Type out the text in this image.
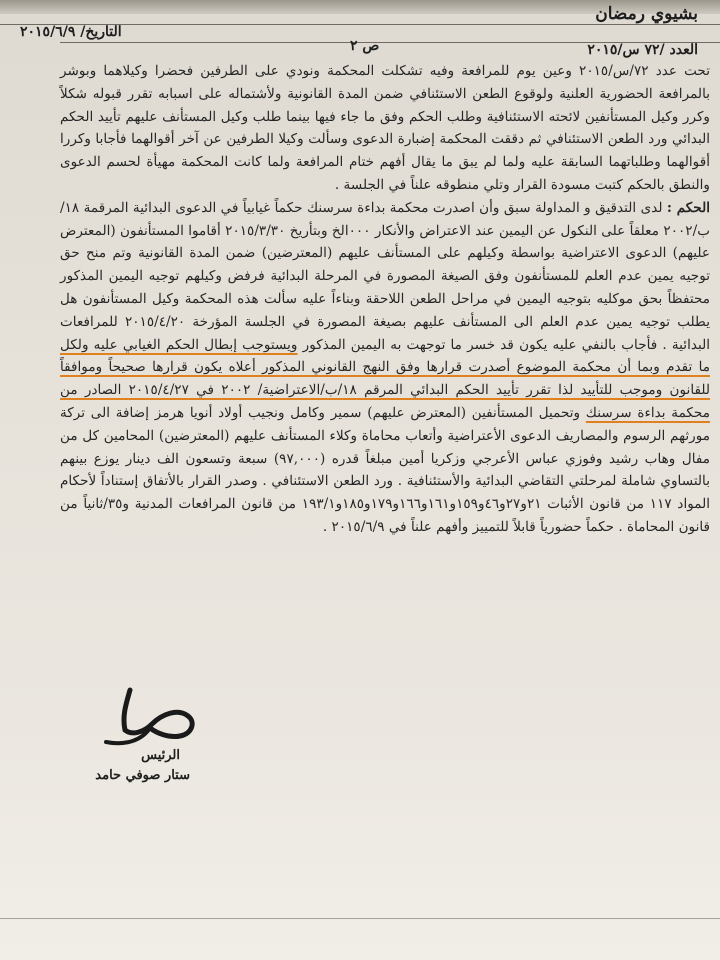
بشيوي رمضان
التاريخ/ ٢٠١٥/٦/٩
ص ٢	العدد /٧٢ س/٢٠١٥

تحت عدد ٧٢/س/٢٠١٥ وعين يوم للمرافعة وفيه تشكلت المحكمة ونودي على الطرفين فحضرا وكيلاهما وبوشر بالمرافعة الحضورية العلنية ولوقوع الطعن الاستئنافي ضمن المدة القانونية ولأشتماله على اسبابه تقرر قبوله شكلاً وكرر وكيل المستأنفين لائحته الاستئنافية وطلب الحكم وفق ما جاء فيها بينما طلب وكيل المستأنف عليهم تأييد الحكم البدائي ورد الطعن الاستئنافي ثم دققت المحكمة إضبارة الدعوى وسألت وكيلا الطرفين عن آخر أقوالهما فأجابا وكررا أقوالهما وطلباتهما السابقة عليه ولما لم يبق ما يقال أفهم ختام المرافعة ولما كانت المحكمة مهيأة لحسم الدعوى والنطق بالحكم كتبت مسودة القرار وتلي منطوقه علناً في الجلسة .

الحكم : لدى التدقيق و المداولة سبق وأن اصدرت محكمة بداءة سرسنك حكماً غيابياً في الدعوى البدائية المرقمة ١٨/ب/٢٠٠٢ معلقاً على النكول عن اليمين عند الاعتراض والأنكار ٠٠٠الخ وبتأريخ ٢٠١٥/٣/٣٠ أقاموا المستأنفون (المعترض عليهم) الدعوى الاعتراضية بواسطة وكيلهم على المستأنف عليهم (المعترضين) ضمن المدة القانونية وتم منح حق توجيه يمين عدم العلم للمستأنفون وفق الصيغة المصورة في المرحلة البدائية فرفض وكيلهم توجيه اليمين المذكور محتفظاً بحق موكليه بتوجيه اليمين في مراحل الطعن اللاحقة وبناءاً عليه سألت هذه المحكمة وكيل المستأنفون هل يطلب توجيه يمين عدم العلم الى المستأنف عليهم بصيغة المصورة في الجلسة المؤرخة ٢٠١٥/٤/٢٠ للمرافعات البدائية . فأجاب بالنفي عليه يكون قد خسر ما توجهت به اليمين المذكور ويستوجب إبطال الحكم الغيابي عليه ولكل ما تقدم وبما أن محكمة الموضوع أصدرت قرارها وفق النهج القانوني المذكور أعلاه يكون قرارها صحيحاً وموافقاً للقانون وموجب للتأييد لذا تقرر تأييد الحكم البدائي المرقم ١٨/ب/الاعتراضية/ ٢٠٠٢ في ٢٠١٥/٤/٢٧ الصادر من محكمة بداءة سرسنك وتحميل المستأنفين (المعترض عليهم) سمير وكامل ونجيب أولاد أنويا هرمز إضافة الى تركة مورثهم الرسوم والمصاريف الدعوى الأعتراضية وأتعاب محاماة وكلاء المستأنف عليهم (المعترضين) المحامين كل من مفال وهاب رشيد وفوزي عباس الأعرجي وزكريا أمين مبلغاً قدره (٩٧,٠٠٠) سبعة وتسعون الف دينار يوزع بينهم بالتساوي شاملة لمرحلتي التقاضي البدائية والأستئنافية . ورد الطعن الاستئنافي . وصدر القرار بالأتفاق إستناداً لأحكام المواد ١١٧ من قانون الأثبات ٢١و٢٧و٤٦و١٥٩و١٦١و١٦٦و١٧٩و١٨٥و١٩٣/١ من قانون المرافعات المدنية و٣٥/ثانياً من قانون المحاماة . حكماً حضورياً قابلاً للتمييز وأفهم علناً في ٢٠١٥/٦/٩ .

الرئيس
ستار صوفي حامد
